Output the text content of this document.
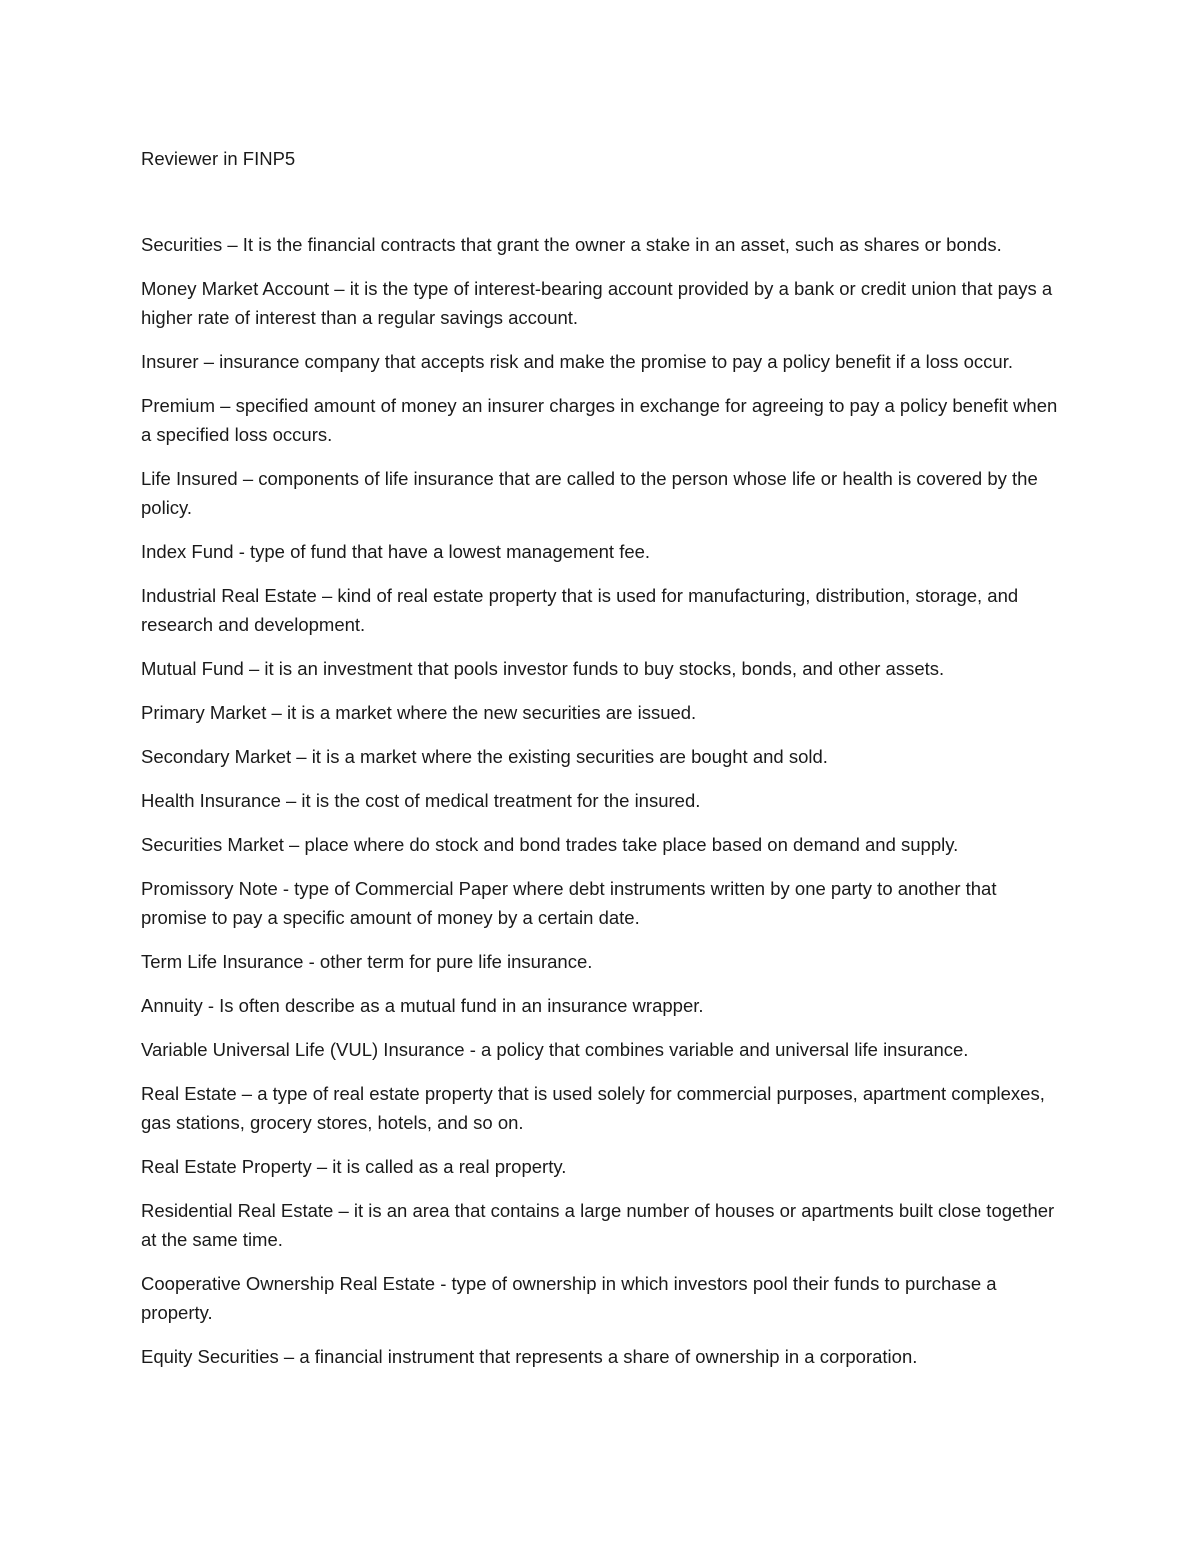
Reviewer in FINP5
Securities – It is the financial contracts that grant the owner a stake in an asset, such as shares or bonds.
Money Market Account – it is the type of interest-bearing account provided by a bank or credit union that pays a higher rate of interest than a regular savings account.
Insurer – insurance company that accepts risk and make the promise to pay a policy benefit if a loss occur.
Premium – specified amount of money an insurer charges in exchange for agreeing to pay a policy benefit when a specified loss occurs.
Life Insured – components of life insurance that are called to the person whose life or health is covered by the policy.
Index Fund - type of fund that have a lowest management fee.
Industrial Real Estate – kind of real estate property that is used for manufacturing, distribution, storage, and research and development.
Mutual Fund – it is an investment that pools investor funds to buy stocks, bonds, and other assets.
Primary Market – it is a market where the new securities are issued.
Secondary Market – it is a market where the existing securities are bought and sold.
Health Insurance – it is the cost of medical treatment for the insured.
Securities Market – place where do stock and bond trades take place based on demand and supply.
Promissory Note - type of Commercial Paper where debt instruments written by one party to another that promise to pay a specific amount of money by a certain date.
Term Life Insurance - other term for pure life insurance.
Annuity - Is often describe as a mutual fund in an insurance wrapper.
Variable Universal Life (VUL) Insurance - a policy that combines variable and universal life insurance.
Real Estate – a type of real estate property that is used solely for commercial purposes, apartment complexes, gas stations, grocery stores, hotels, and so on.
Real Estate Property – it is called as a real property.
Residential Real Estate – it is an area that contains a large number of houses or apartments built close together at the same time.
Cooperative Ownership Real Estate - type of ownership in which investors pool their funds to purchase a property.
Equity Securities – a financial instrument that represents a share of ownership in a corporation.
